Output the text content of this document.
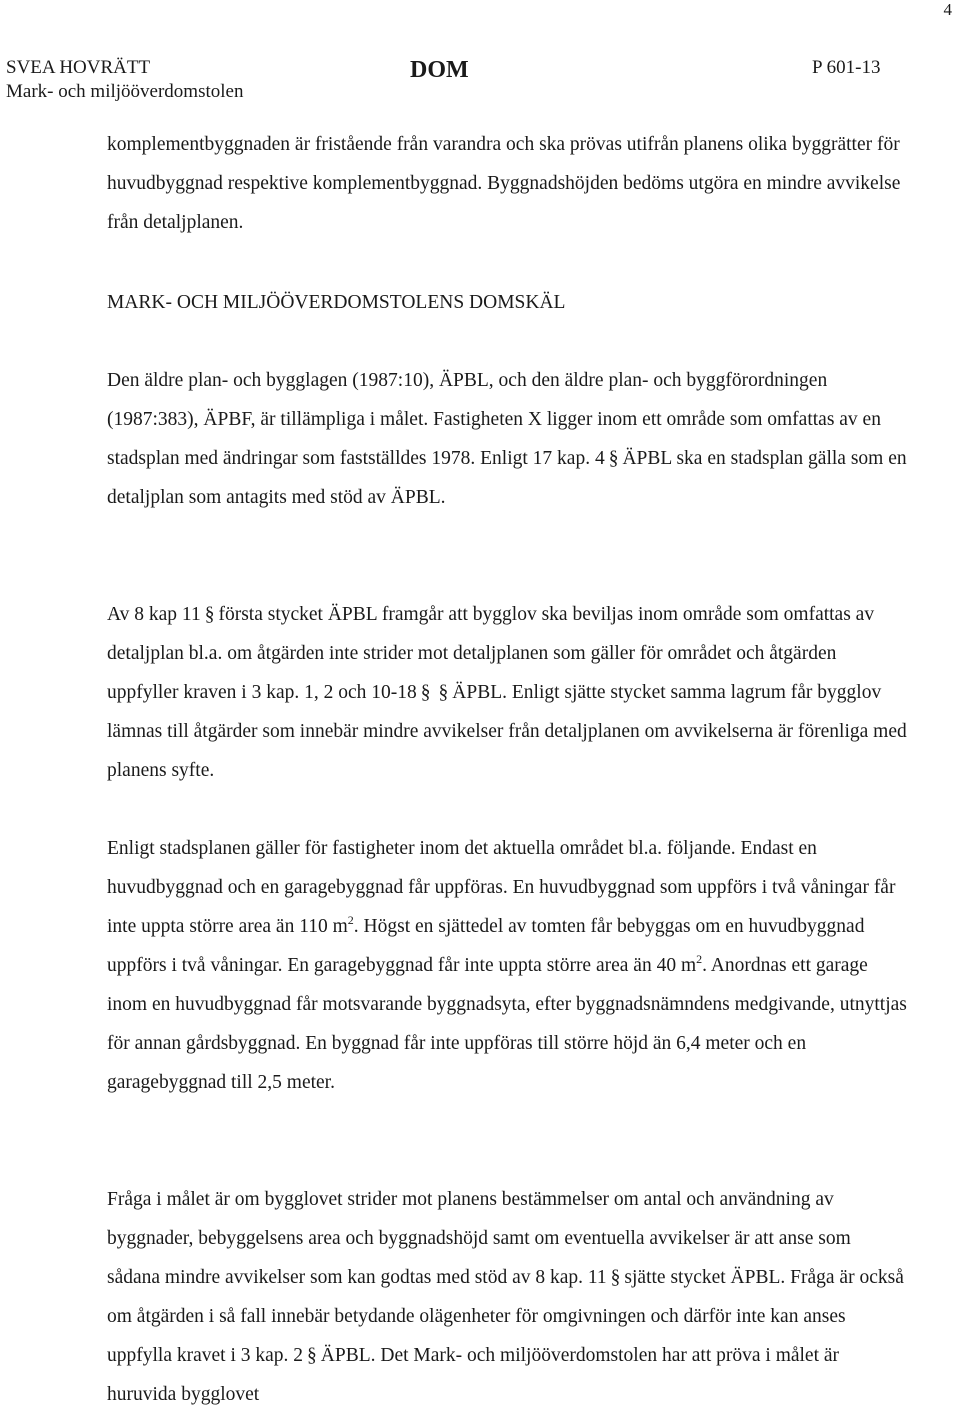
4
SVEA HOVRÄTT
Mark- och miljööverdomstolen
DOM	P 601-13

komplementbyggnaden är fristående från varandra och ska prövas utifrån planens olika byggrätter för huvudbyggnad respektive komplementbyggnad. Byggnadshöjden bedöms utgöra en mindre avvikelse från detaljplanen.

MARK- OCH MILJÖÖVERDOMSTOLENS DOMSKÄL

Den äldre plan- och bygglagen (1987:10), ÄPBL, och den äldre plan- och byggförordningen (1987:383), ÄPBF, är tillämpliga i målet. Fastigheten X ligger inom ett område som omfattas av en stadsplan med ändringar som fastställdes 1978. Enligt 17 kap. 4 § ÄPBL ska en stadsplan gälla som en detaljplan som antagits med stöd av ÄPBL.

Av 8 kap 11 § första stycket ÄPBL framgår att bygglov ska beviljas inom område som omfattas av detaljplan bl.a. om åtgärden inte strider mot detaljplanen som gäller för området och åtgärden uppfyller kraven i 3 kap. 1, 2 och 10-18 § § ÄPBL. Enligt sjätte stycket samma lagrum får bygglov lämnas till åtgärder som innebär mindre avvikelser från detaljplanen om avvikelserna är förenliga med planens syfte.

Enligt stadsplanen gäller för fastigheter inom det aktuella området bl.a. följande. Endast en huvudbyggnad och en garagebyggnad får uppföras. En huvudbyggnad som uppförs i två våningar får inte uppta större area än 110 $m^2$. Högst en sjättedel av tomten får bebyggas om en huvudbyggnad uppförs i två våningar. En garagebyggnad får inte uppta större area än 40 $m^2$. Anordnas ett garage inom en huvudbyggnad får motsvarande byggnadsyta, efter byggnadsnämndens medgivande, utnyttjas för annan gårdsbyggnad. En byggnad får inte uppföras till större höjd än 6,4 meter och en garagebyggnad till 2,5 meter.

Fråga i målet är om bygglovet strider mot planens bestämmelser om antal och användning av byggnader, bebyggelsens area och byggnadshöjd samt om eventuella avvikelser är att anse som sådana mindre avvikelser som kan godtas med stöd av 8 kap. 11 § sjätte stycket ÄPBL. Fråga är också om åtgärden i så fall innebär betydande olägenheter för omgivningen och därför inte kan anses uppfylla kravet i 3 kap. 2 § ÄPBL. Det Mark- och miljööverdomstolen har att pröva i målet är huruvida bygglovet
